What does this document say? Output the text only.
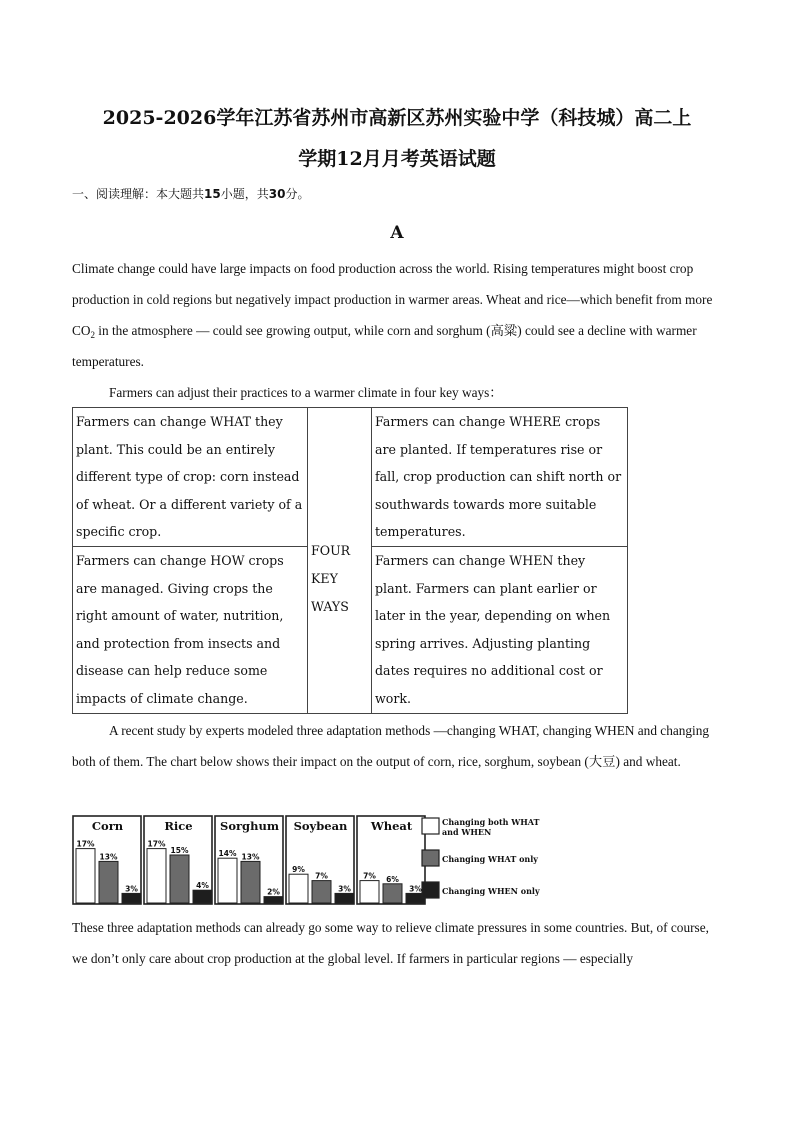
2025-2026学年江苏省苏州市高新区苏州实验中学（科技城）高二上
学期12月月考英语试题
一、阅读理解：本大题共15小题，共30分。
A

Climate change could have large impacts on food production across the world. Rising temperatures might boost crop production in cold regions but negatively impact production in warmer areas. Wheat and rice—which benefit from more $CO_2$ in the atmosphere — could see growing output, while corn and sorghum (高粱) could see a decline with warmer temperatures.

Farmers can adjust their practices to a warmer climate in four key ways：

Farmers can change WHAT they plant. This could be an entirely different type of crop: corn instead of wheat. Or a different variety of a specific crop.	FOUR
KEY
WAYS	Farmers can change WHERE crops are planted. If temperatures rise or fall, crop production can shift north or southwards towards more suitable temperatures.
Farmers can change HOW crops are managed. Giving crops the right amount of water, nutrition, and protection from insects and disease can help reduce some impacts of climate change.		Farmers can change WHEN they plant. Farmers can plant earlier or later in the year, depending on when spring arrives. Adjusting planting dates requires no additional cost or work.

A recent study by experts modeled three adaptation methods —changing WHAT, changing WHEN and changing both of them. The chart below shows their impact on the output of corn, rice, sorghum, soybean (大豆) and wheat.

Corn
17%
13%
3%
Rice
17%
15%
4%
Sorghum
14% 13%
2%
Soybean
9%
7%
3%
Wheat
7% 6%
3%
Changing both WHAT and WHEN
Changing WHAT only
Changing WHEN only

These three adaptation methods can already go some way to relieve climate pressures in some countries. But, of course, we don’t only care about crop production at the global level. If farmers in particular regions — especially
